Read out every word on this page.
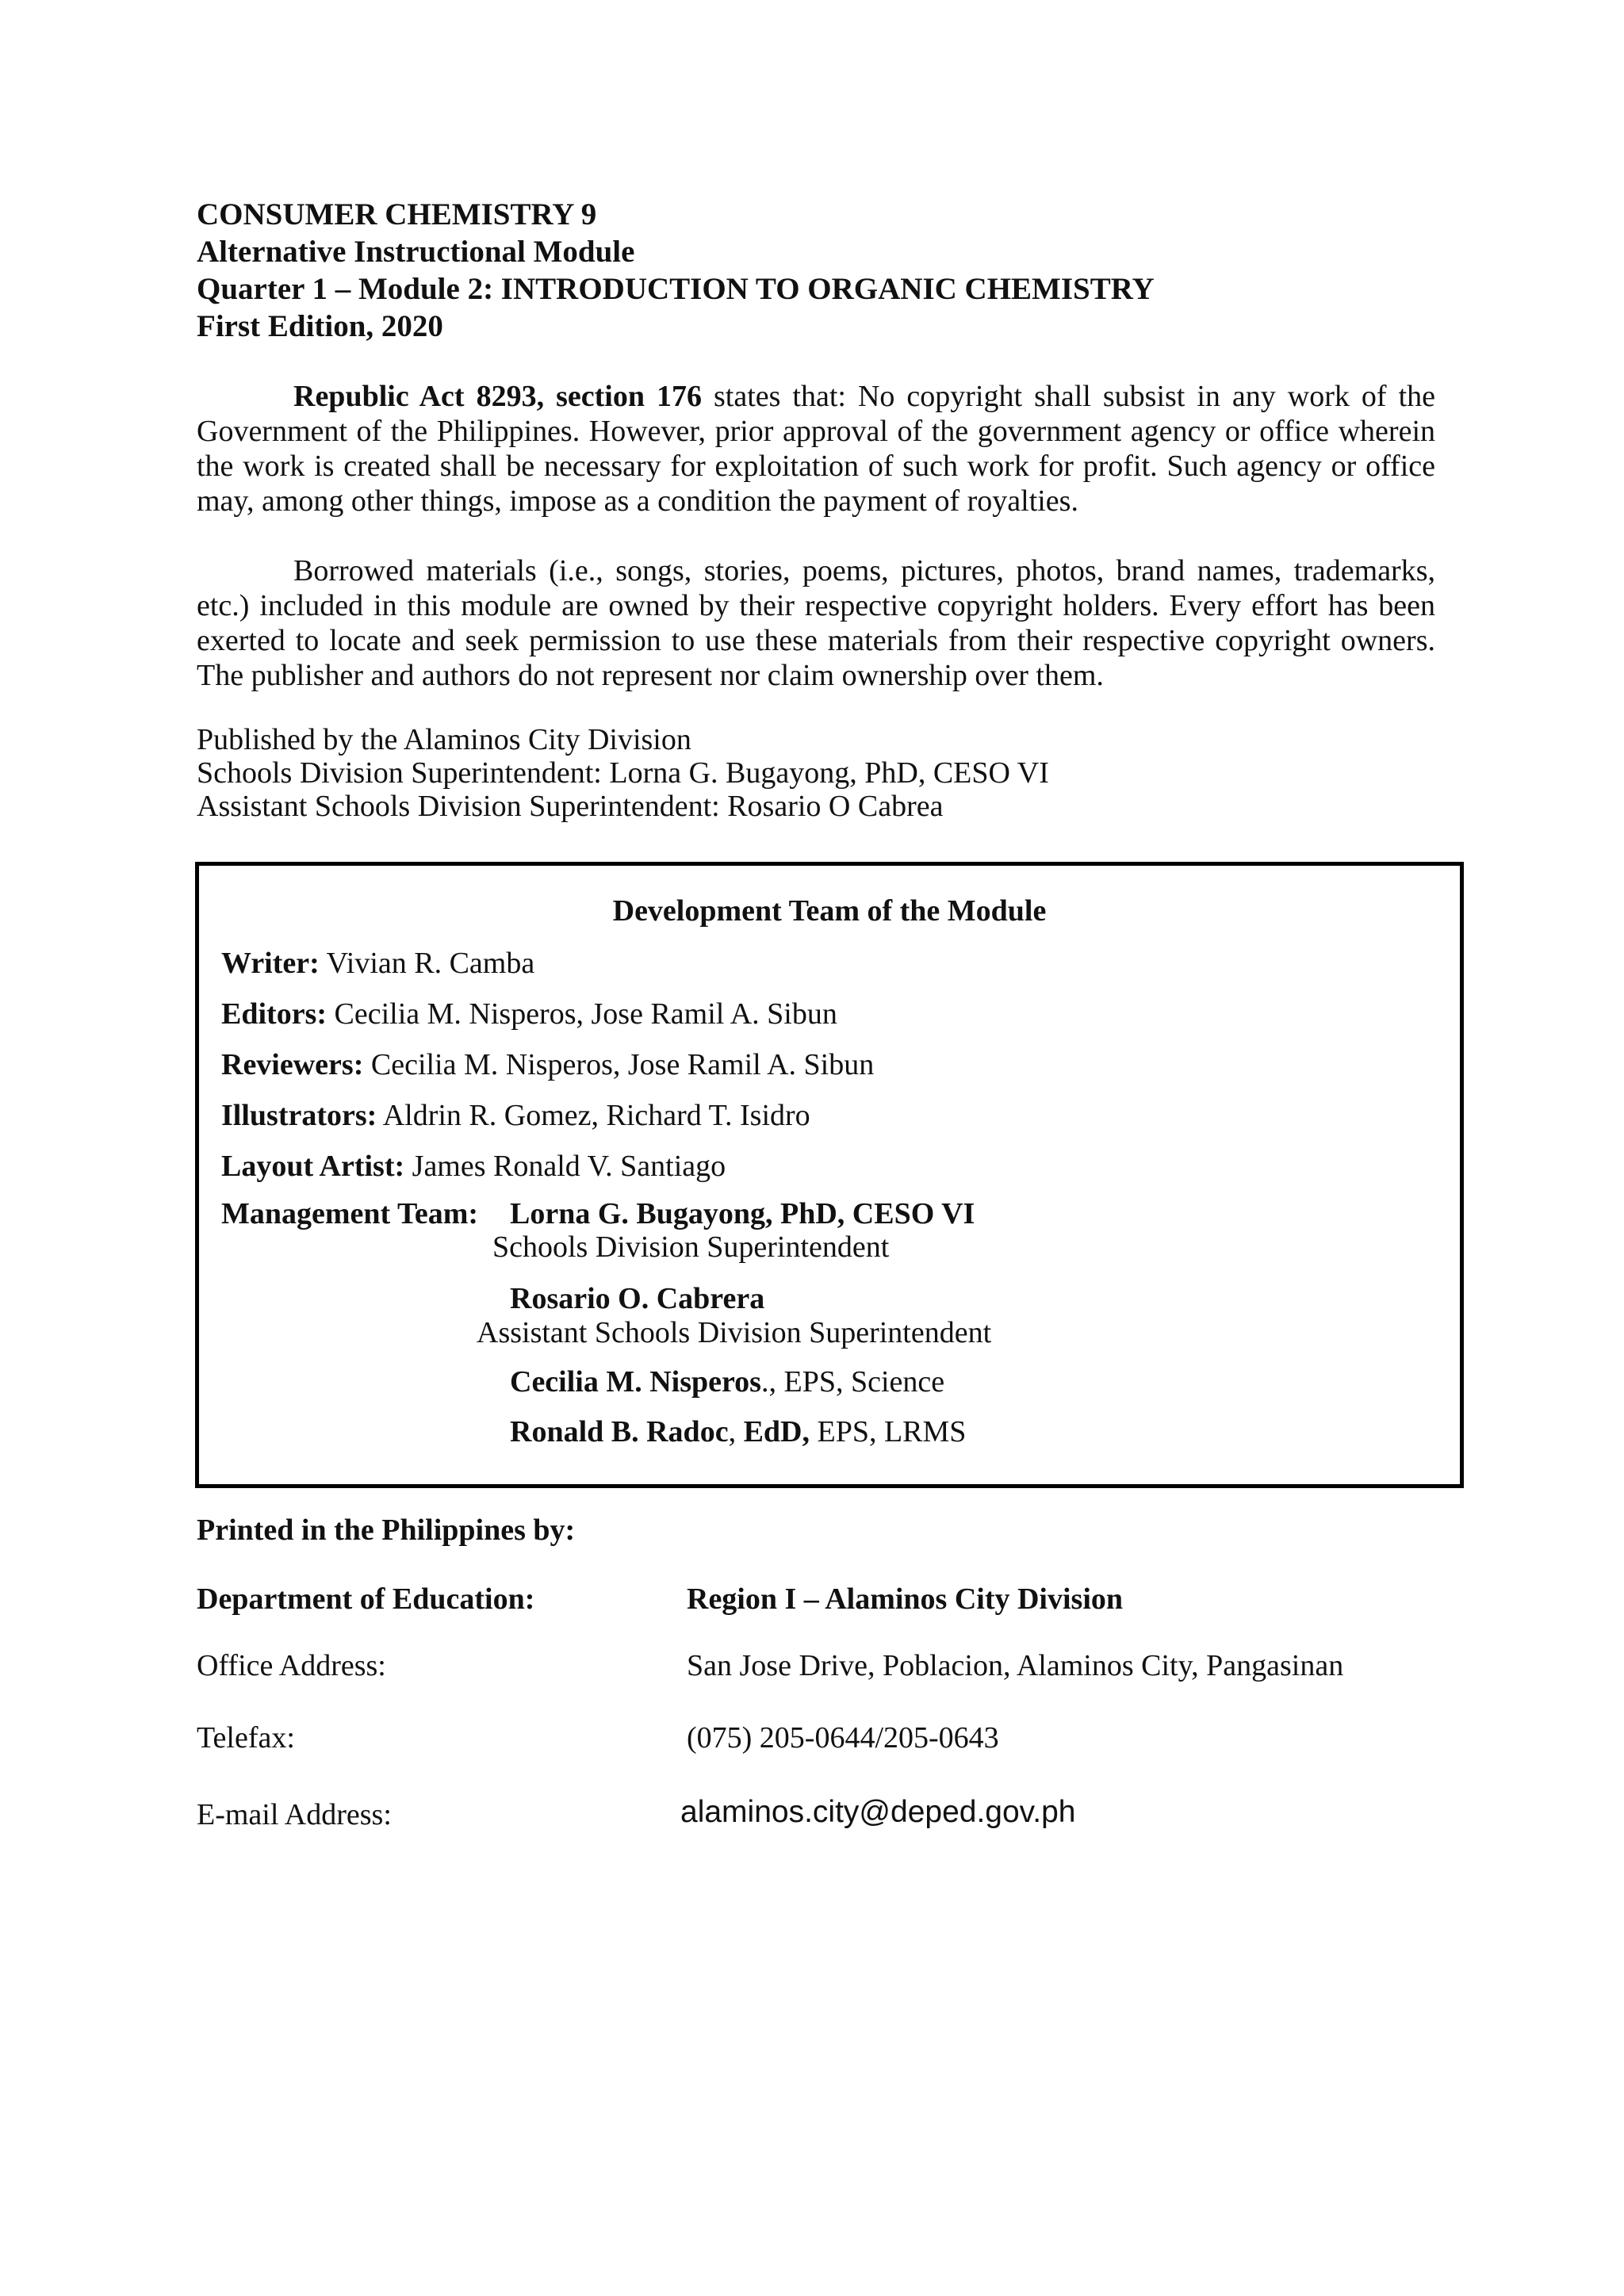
CONSUMER CHEMISTRY 9
Alternative Instructional Module
Quarter 1 – Module 2: INTRODUCTION TO ORGANIC CHEMISTRY
First Edition, 2020

Republic Act 8293, section 176 states that: No copyright shall subsist in any work of the Government of the Philippines. However, prior approval of the government agency or office wherein the work is created shall be necessary for exploitation of such work for profit. Such agency or office may, among other things, impose as a condition the payment of royalties.

Borrowed materials (i.e., songs, stories, poems, pictures, photos, brand names, trademarks, etc.) included in this module are owned by their respective copyright holders. Every effort has been exerted to locate and seek permission to use these materials from their respective copyright owners. The publisher and authors do not represent nor claim ownership over them.

Published by the Alaminos City Division
Schools Division Superintendent: Lorna G. Bugayong, PhD, CESO VI
Assistant Schools Division Superintendent: Rosario O Cabrea
Development Team of the Module
Writer: Vivian R. Camba
Editors: Cecilia M. Nisperos, Jose Ramil A. Sibun
Reviewers: Cecilia M. Nisperos, Jose Ramil A. Sibun
Illustrators: Aldrin R. Gomez, Richard T. Isidro
Layout Artist: James Ronald V. Santiago
Management Team: Lorna G. Bugayong, PhD, CESO VI
Schools Division Superintendent
Rosario O. Cabrera
Assistant Schools Division Superintendent
Cecilia M. Nisperos., EPS, Science
Ronald B. Radoc, EdD, EPS, LRMS
Printed in the Philippines by:
Department of Education:	Region I – Alaminos City Division
Office Address:	San Jose Drive, Poblacion, Alaminos City, Pangasinan
Telefax:	(075) 205-0644/205-0643
E-mail Address:	alaminos.city@deped.gov.ph
